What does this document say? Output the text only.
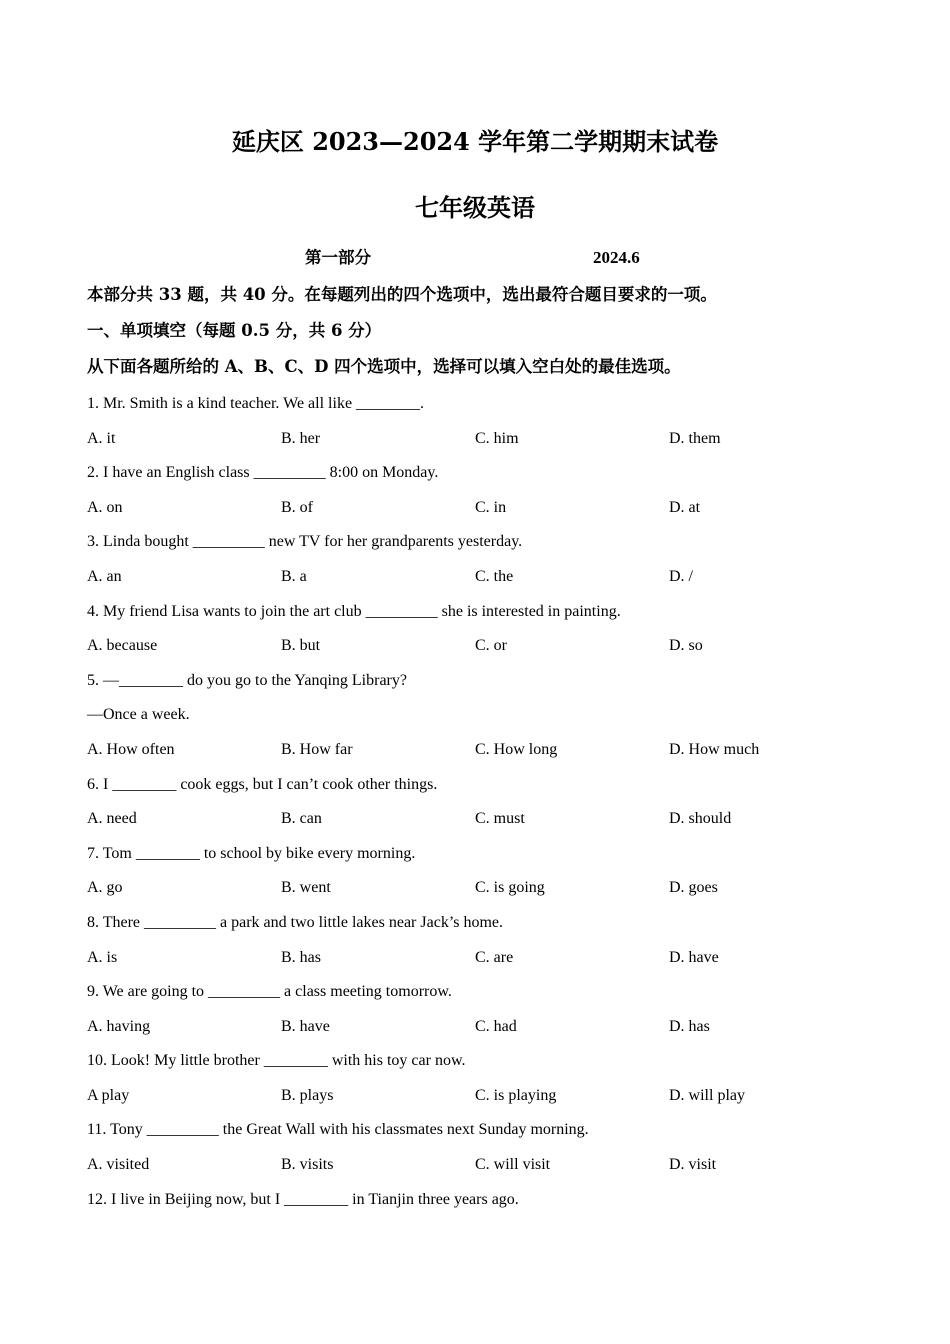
延庆区 2023—2024 学年第二学期期末试卷
七年级英语
第一部分	2024.6
本部分共 33 题，共 40 分。在每题列出的四个选项中，选出最符合题目要求的一项。
一、单项填空（每题 0.5 分，共 6 分）
从下面各题所给的 A、B、C、D 四个选项中，选择可以填入空白处的最佳选项。
1. Mr. Smith is a kind teacher. We all like ________.
A. it	B. her	C. him	D. them
2. I have an English class _________ 8:00 on Monday.
A. on	B. of	C. in	D. at
3. Linda bought _________ new TV for her grandparents yesterday.
A. an	B. a	C. the	D. /
4. My friend Lisa wants to join the art club _________ she is interested in painting.
A. because	B. but	C. or	D. so
5. —________ do you go to the Yanqing Library?
—Once a week.
A. How often	B. How far	C. How long	D. How much
6. I ________ cook eggs, but I can’t cook other things.
A. need	B. can	C. must	D. should
7. Tom ________ to school by bike every morning.
A. go	B. went	C. is going	D. goes
8. There _________ a park and two little lakes near Jack’s home.
A. is	B. has	C. are	D. have
9. We are going to _________ a class meeting tomorrow.
A. having	B. have	C. had	D. has
10. Look! My little brother ________ with his toy car now.
A play	B. plays	C. is playing	D. will play
11. Tony _________ the Great Wall with his classmates next Sunday morning.
A. visited	B. visits	C. will visit	D. visit
12. I live in Beijing now, but I ________ in Tianjin three years ago.
